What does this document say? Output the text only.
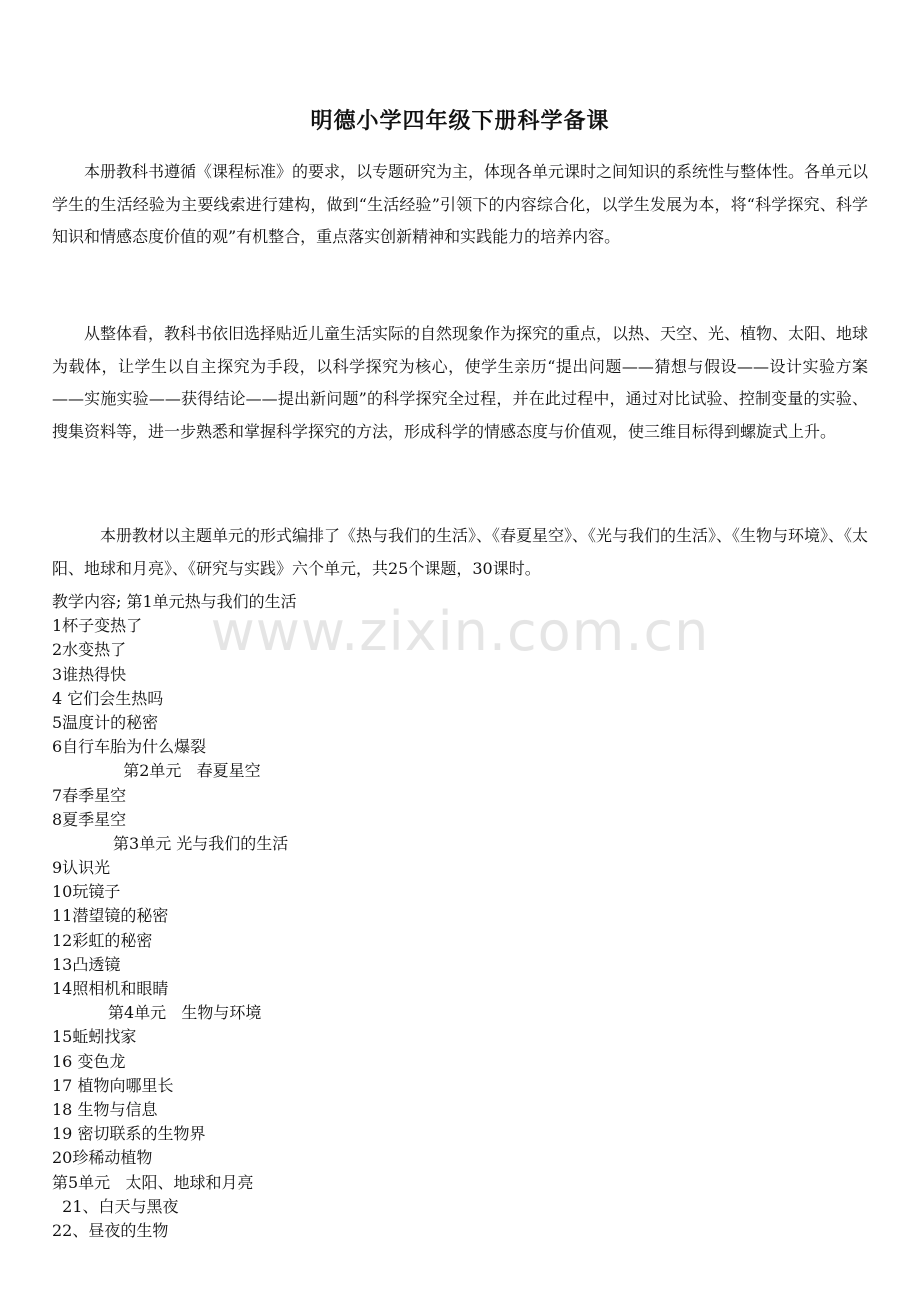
明德小学四年级下册科学备课

本册教科书遵循《课程标准》的要求，以专题研究为主，体现各单元课时之间知识的系统性与整体性。各单元以学生的生活经验为主要线索进行建构，做到“生活经验”引领下的内容综合化，以学生发展为本，将“科学探究、科学知识和情感态度价值的观”有机整合，重点落实创新精神和实践能力的培养内容。

从整体看，教科书依旧选择贴近儿童生活实际的自然现象作为探究的重点，以热、天空、光、植物、太阳、地球为载体，让学生以自主探究为手段，以科学探究为核心，使学生亲历“提出问题——猜想与假设——设计实验方案——实施实验——获得结论——提出新问题”的科学探究全过程，并在此过程中，通过对比试验、控制变量的实验、搜集资料等，进一步熟悉和掌握科学探究的方法，形成科学的情感态度与价值观，使三维目标得到螺旋式上升。

本册教材以主题单元的形式编排了《热与我们的生活》、《春夏星空》、《光与我们的生活》、《生物与环境》、《太阳、地球和月亮》、《研究与实践》六个单元，共25个课题，30课时。

教学内容; 第1单元热与我们的生活
1杯子变热了
2水变热了
3谁热得快
4 它们会生热吗
5温度计的秘密
6自行车胎为什么爆裂
第2单元   春夏星空
7春季星空
8夏季星空
第3单元 光与我们的生活
9认识光
10玩镜子
11潜望镜的秘密
12彩虹的秘密
13凸透镜
14照相机和眼睛
第4单元   生物与环境
15蚯蚓找家
16 变色龙
17 植物向哪里长
18 生物与信息
19 密切联系的生物界
20珍稀动植物
第5单元   太阳、地球和月亮
21、白天与黑夜
22、昼夜的生物
www.zixin.com.cn
